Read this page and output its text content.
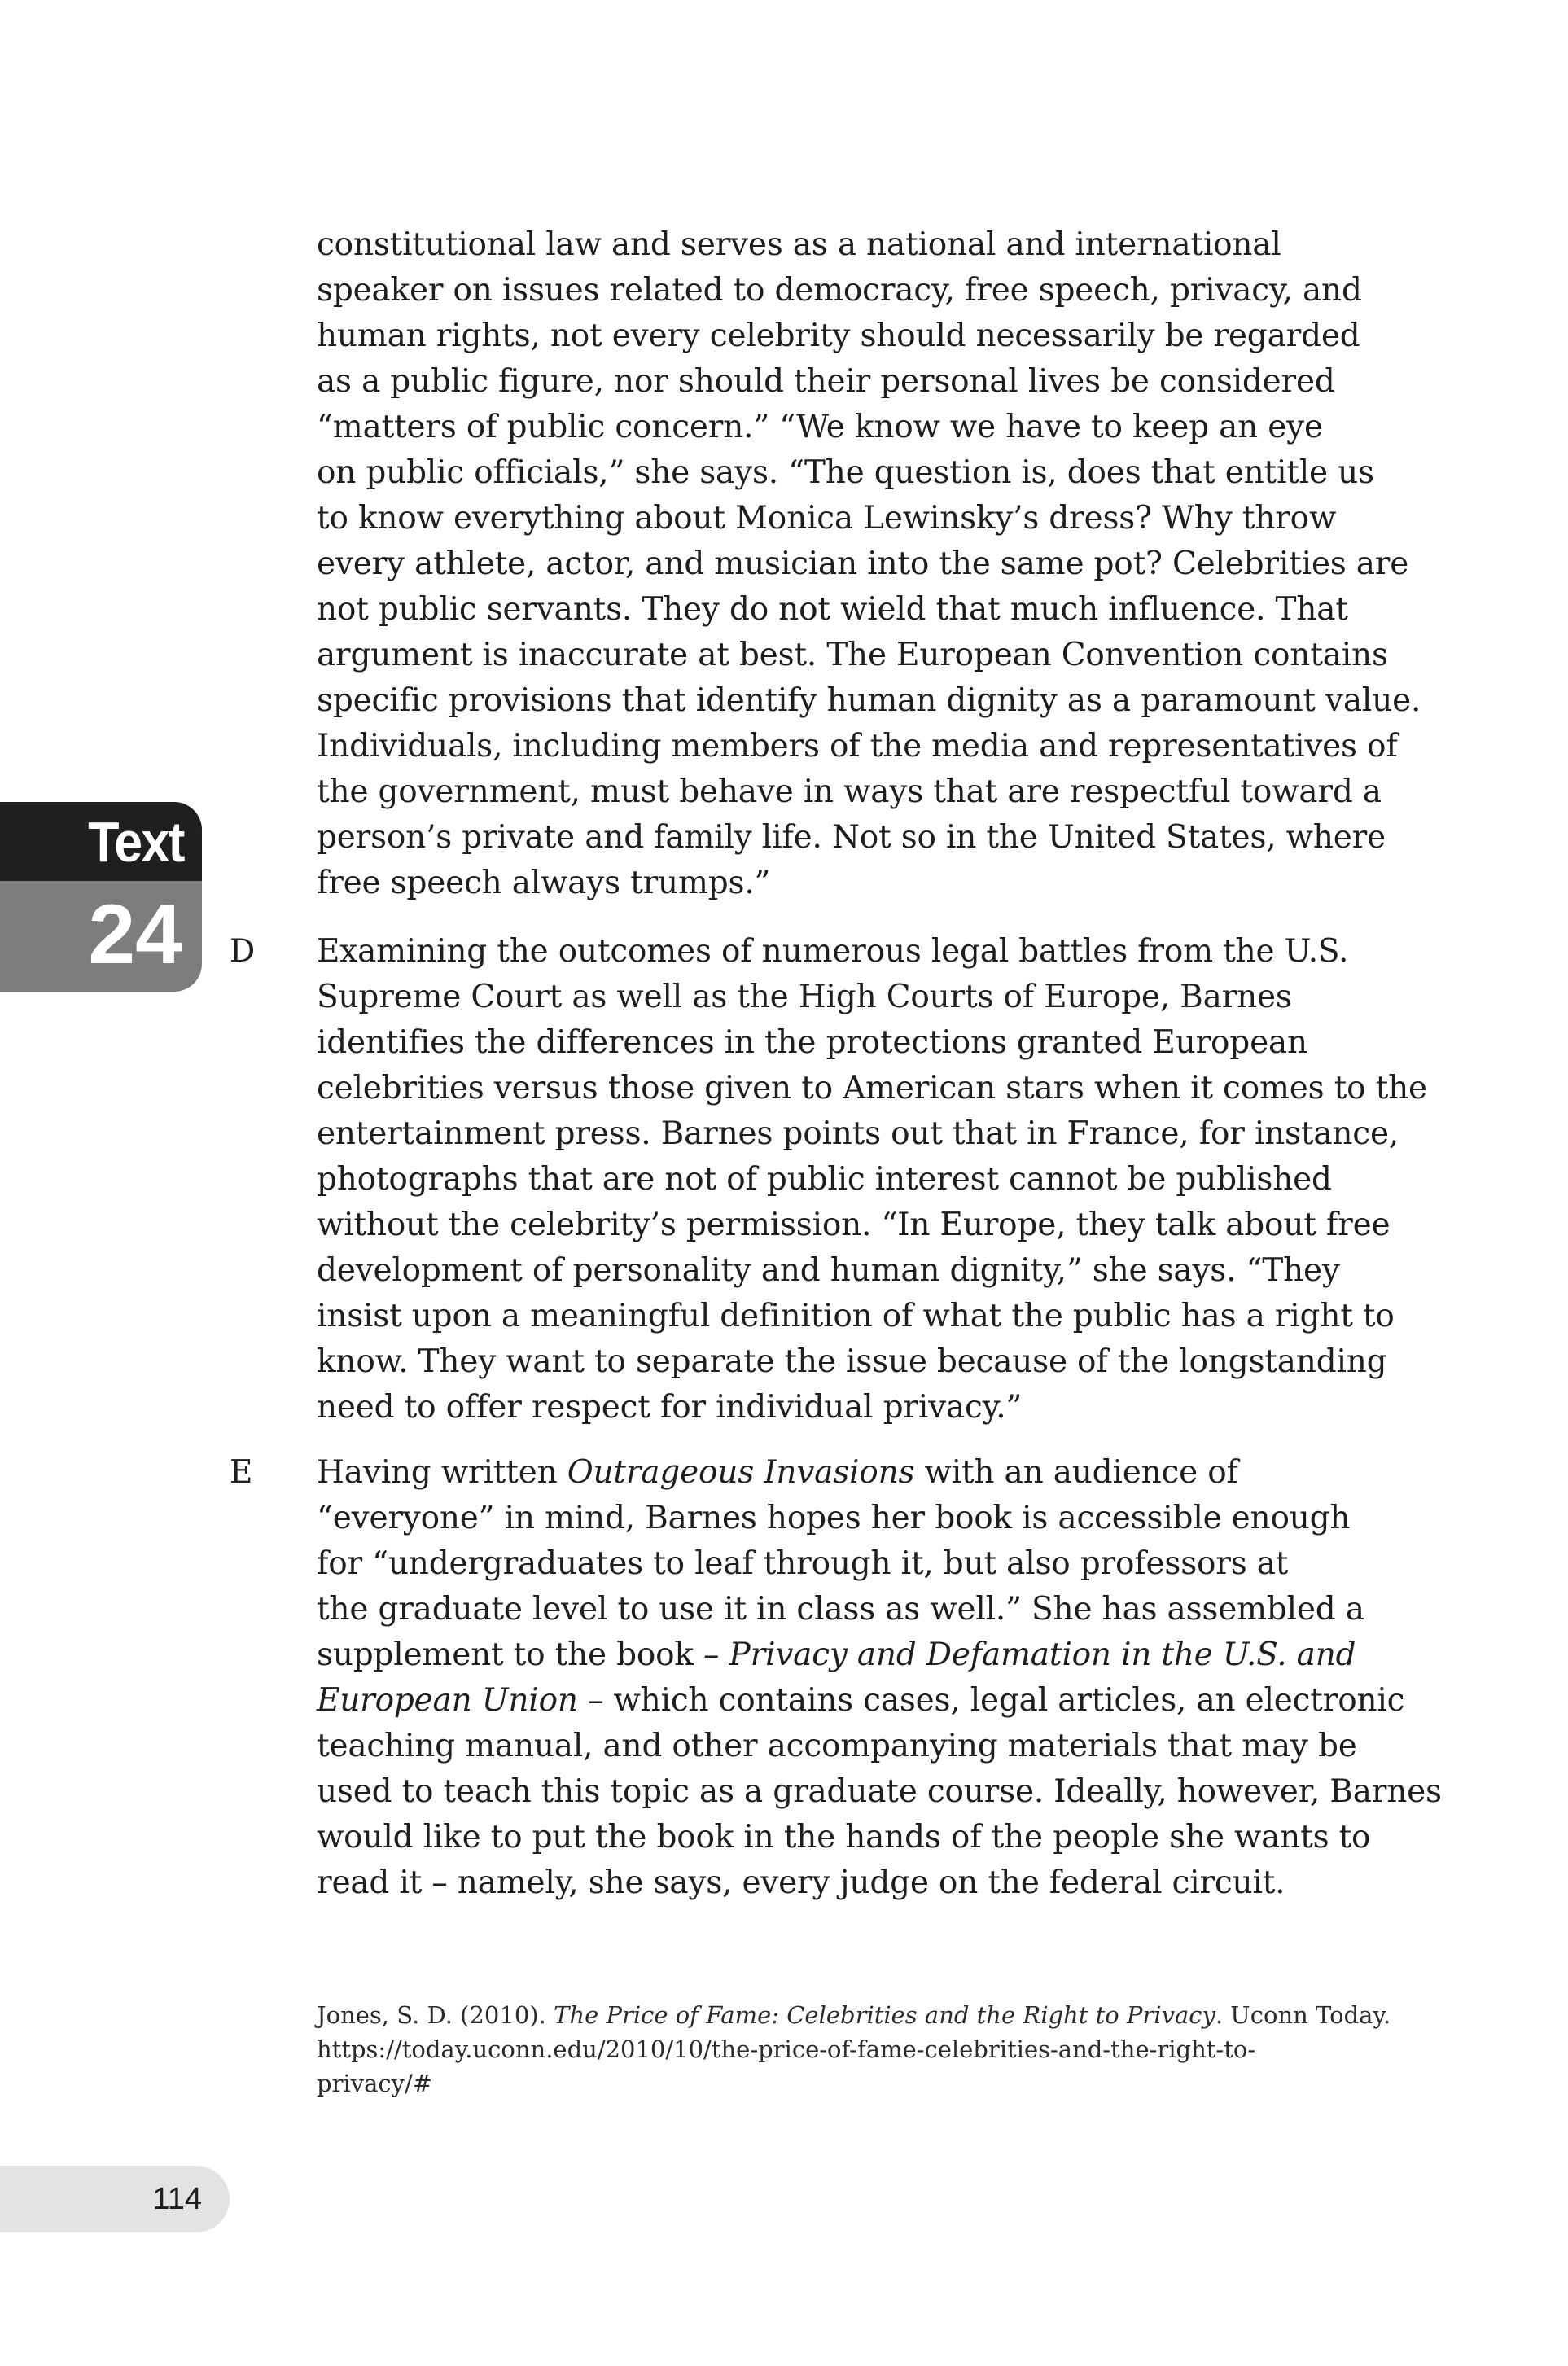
Text
24
constitutional law and serves as a national and international
speaker on issues related to democracy, free speech, privacy, and
human rights, not every celebrity should necessarily be regarded
as a public figure, nor should their personal lives be considered
“matters of public concern.” “We know we have to keep an eye
on public officials,” she says. “The question is, does that entitle us
to know everything about Monica Lewinsky’s dress? Why throw
every athlete, actor, and musician into the same pot? Celebrities are
not public servants. They do not wield that much influence. That
argument is inaccurate at best. The European Convention contains
specific provisions that identify human dignity as a paramount value.
Individuals, including members of the media and representatives of
the government, must behave in ways that are respectful toward a
person’s private and family life. Not so in the United States, where
free speech always trumps.”
D Examining the outcomes of numerous legal battles from the U.S.
Supreme Court as well as the High Courts of Europe, Barnes
identifies the differences in the protections granted European
celebrities versus those given to American stars when it comes to the
entertainment press. Barnes points out that in France, for instance,
photographs that are not of public interest cannot be published
without the celebrity’s permission. “In Europe, they talk about free
development of personality and human dignity,” she says. “They
insist upon a meaningful definition of what the public has a right to
know. They want to separate the issue because of the longstanding
need to offer respect for individual privacy.”
E Having written Outrageous Invasions with an audience of
“everyone” in mind, Barnes hopes her book is accessible enough
for “undergraduates to leaf through it, but also professors at
the graduate level to use it in class as well.” She has assembled a
supplement to the book – Privacy and Defamation in the U.S. and
European Union – which contains cases, legal articles, an electronic
teaching manual, and other accompanying materials that may be
used to teach this topic as a graduate course. Ideally, however, Barnes
would like to put the book in the hands of the people she wants to
read it – namely, she says, every judge on the federal circuit.
Jones, S. D. (2010). The Price of Fame: Celebrities and the Right to Privacy. Uconn Today.
https://today.uconn.edu/2010/10/the-price-of-fame-celebrities-and-the-right-to-
privacy/#
114
